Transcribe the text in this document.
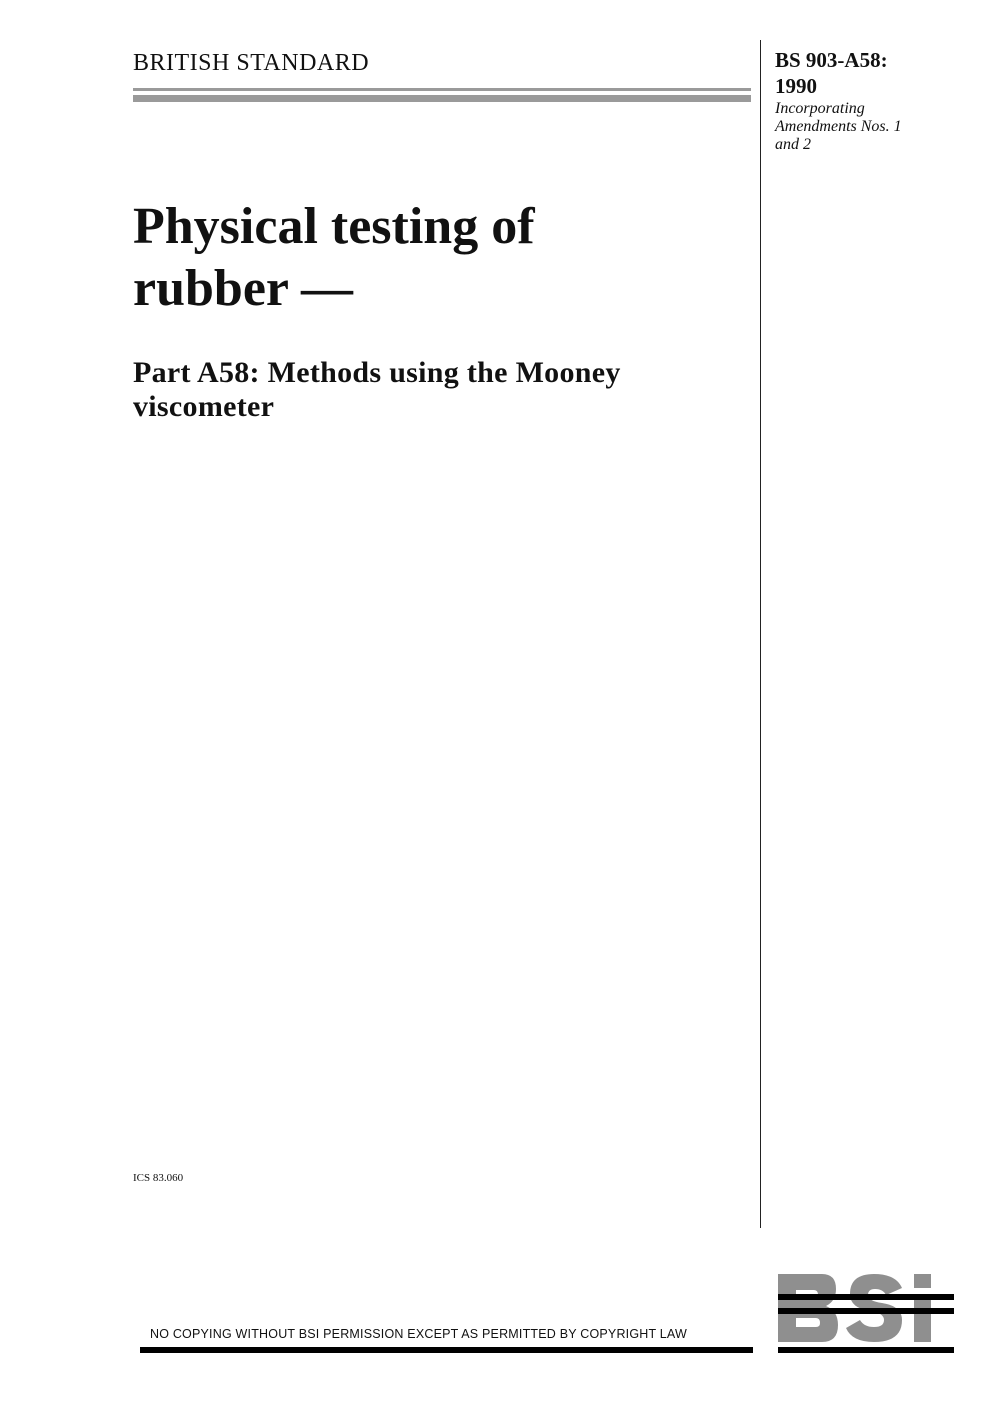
BRITISH STANDARD	BS 903-A58:
1990
Incorporating
Amendments Nos. 1
and 2
Physical testing of
rubber —
Part A58: Methods using the Mooney
viscometer
ICS 83.060
NO COPYING WITHOUT BSI PERMISSION EXCEPT AS PERMITTED BY COPYRIGHT LAW
